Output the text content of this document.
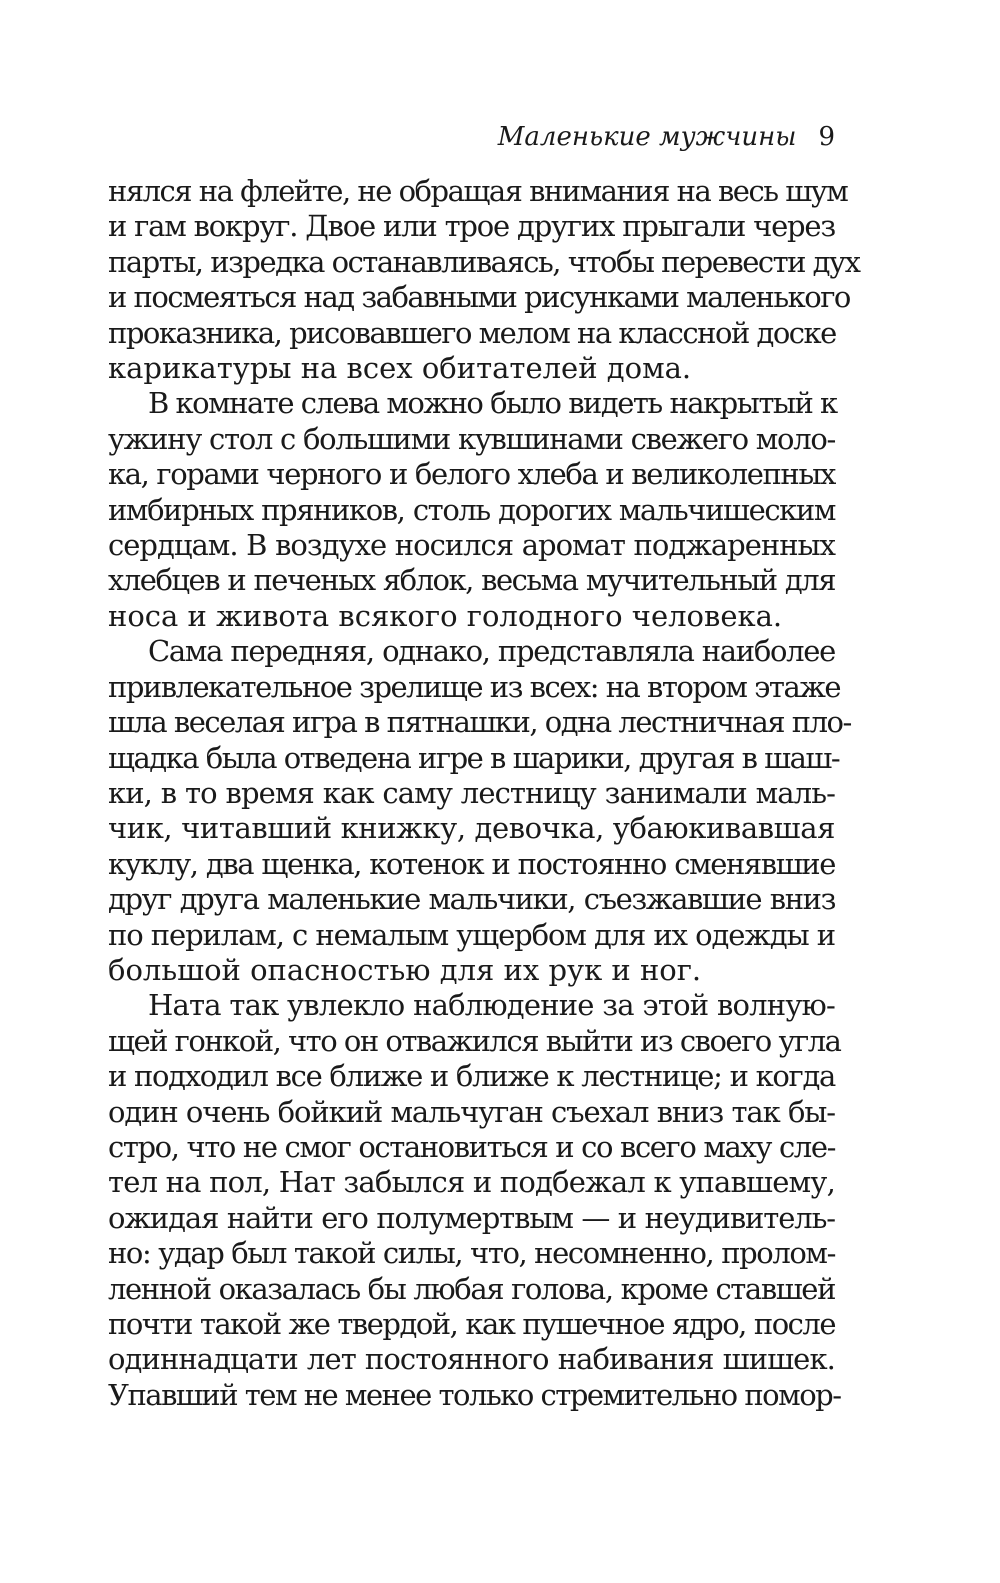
Маленькие мужчины 9
нялся на флейте, не обращая внимания на весь шум
и гам вокруг. Двое или трое других прыгали через
парты, изредка останавливаясь, чтобы перевести дух
и посмеяться над забавными рисунками маленького
проказника, рисовавшего мелом на классной доске
карикатуры на всех обитателей дома.
В комнате слева можно было видеть накрытый к
ужину стол с большими кувшинами свежего моло-
ка, горами черного и белого хлеба и великолепных
имбирных пряников, столь дорогих мальчишеским
сердцам. В воздухе носился аромат поджаренных
хлебцев и печеных яблок, весьма мучительный для
носа и живота всякого голодного человека.
Сама передняя, однако, представляла наиболее
привлекательное зрелище из всех: на втором этаже
шла веселая игра в пятнашки, одна лестничная пло-
щадка была отведена игре в шарики, другая в шаш-
ки, в то время как саму лестницу занимали маль-
чик, читавший книжку, девочка, убаюкивавшая
куклу, два щенка, котенок и постоянно сменявшие
друг друга маленькие мальчики, съезжавшие вниз
по перилам, с немалым ущербом для их одежды и
большой опасностью для их рук и ног.
Ната так увлекло наблюдение за этой волную-
щей гонкой, что он отважился выйти из своего угла
и подходил все ближе и ближе к лестнице; и когда
один очень бойкий мальчуган съехал вниз так бы-
стро, что не смог остановиться и со всего маху сле-
тел на пол, Нат забылся и подбежал к упавшему,
ожидая найти его полумертвым — и неудивитель-
но: удар был такой силы, что, несомненно, пролом-
ленной оказалась бы любая голова, кроме ставшей
почти такой же твердой, как пушечное ядро, после
одиннадцати лет постоянного набивания шишек.
Упавший тем не менее только стремительно помор-
